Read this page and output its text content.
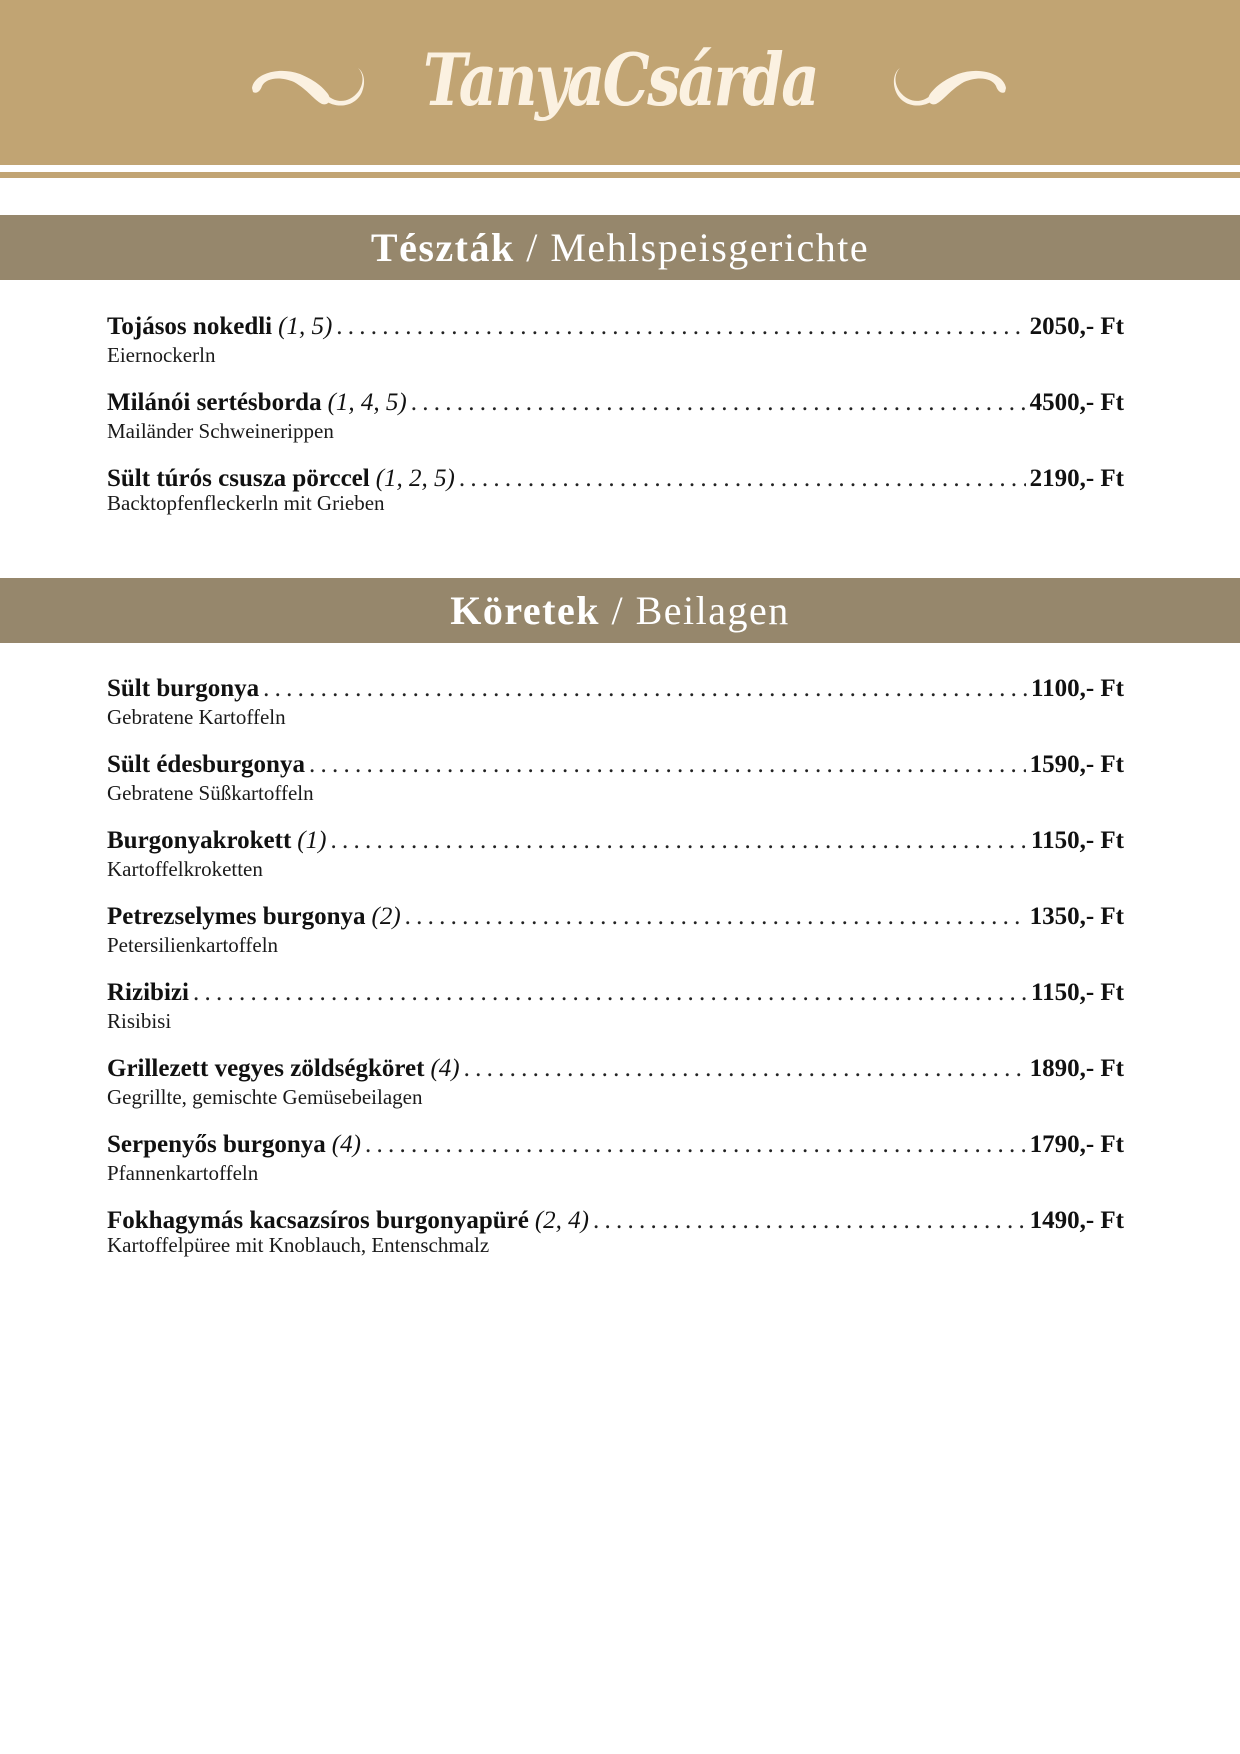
TanyaCsárda
Tészták / Mehlspeisgerichte
Tojásos nokedli (1, 5) . . .	2050,- Ft
Eiernockerln
Milánói sertésborda (1, 4, 5) . . .	4500,- Ft
Mailänder Schweinerippen
Sült túrós csusza pörccel (1, 2, 5) . . .	2190,- Ft
Backtopfenfleckerln mit Grieben
Köretek / Beilagen
Sült burgonya . . .	1100,- Ft
Gebratene Kartoffeln
Sült édesburgonya . . .	1590,- Ft
Gebratene Süßkartoffeln
Burgonyakrokett (1) . . .	1150,- Ft
Kartoffelkroketten
Petrezselymes burgonya (2) . . .	1350,- Ft
Petersilienkartoffeln
Rizibizi . . .	1150,- Ft
Risibisi
Grillezett vegyes zöldségköret (4) . . .	1890,- Ft
Gegrillte, gemischte Gemüsebeilagen
Serpenyős burgonya (4) . . .	1790,- Ft
Pfannenkartoffeln
Fokhagymás kacsazsíros burgonyapüré (2, 4) . . .	1490,- Ft
Kartoffelpüree mit Knoblauch, Entenschmalz
